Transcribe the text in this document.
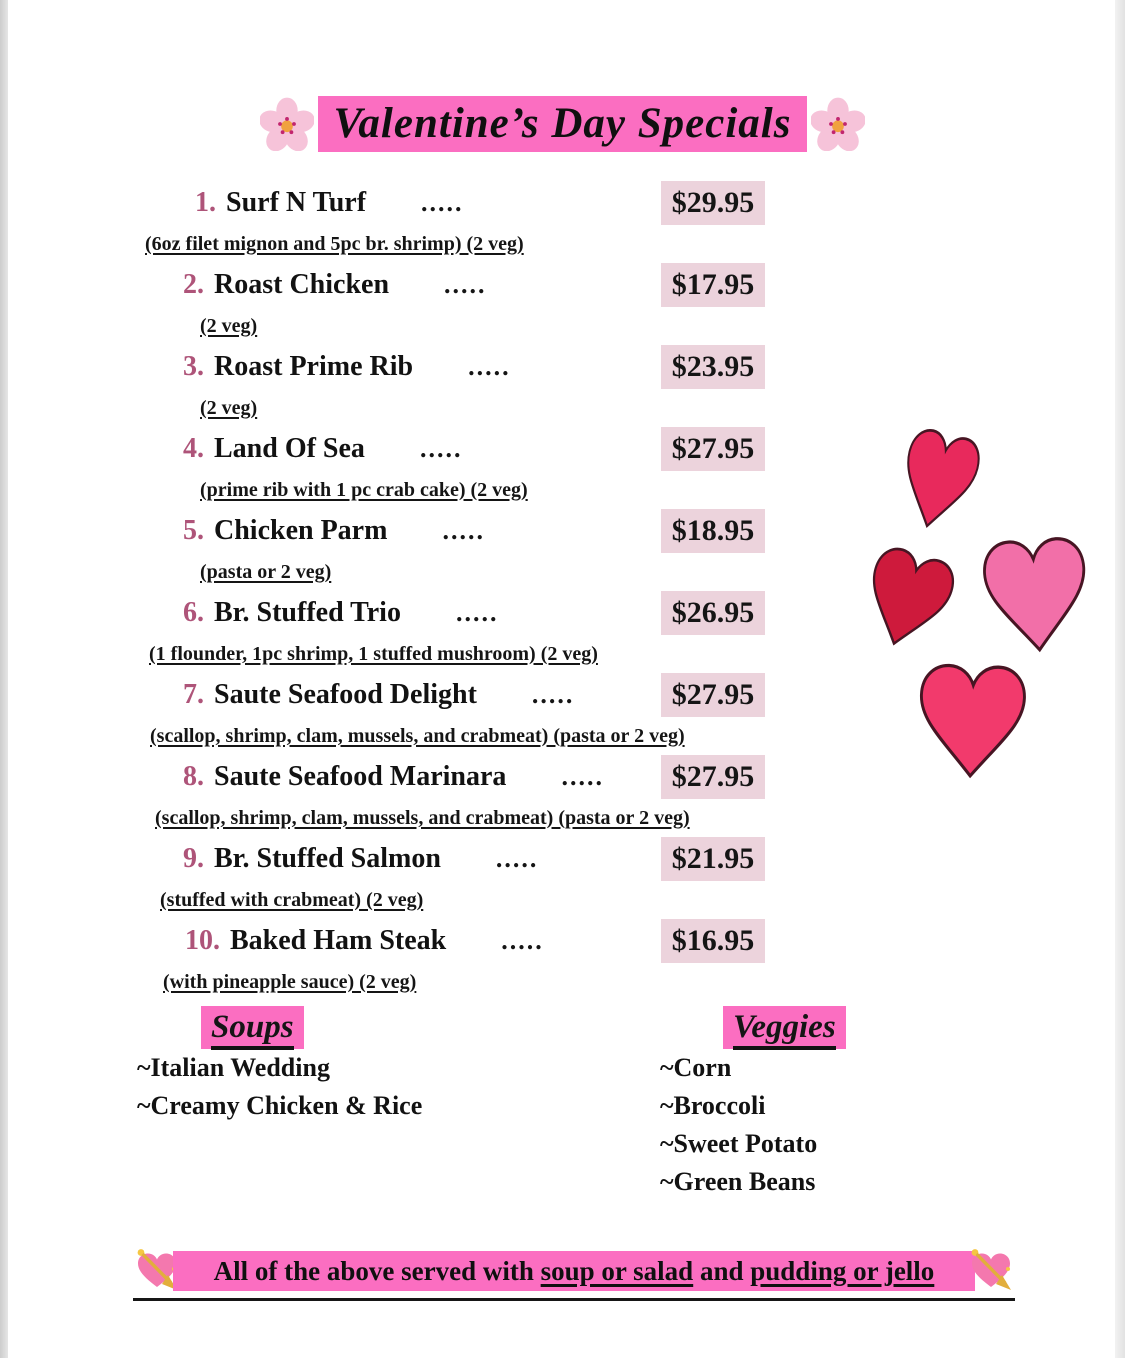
Valentine’s Day Specials
1. Surf N Turf .....	$29.95
(6oz filet mignon and 5pc br. shrimp) (2 veg)
2. Roast Chicken .....	$17.95
(2 veg)
3. Roast Prime Rib .....	$23.95
(2 veg)
4. Land Of Sea .....	$27.95
(prime rib with 1 pc crab cake) (2 veg)
5. Chicken Parm .....	$18.95
(pasta or 2 veg)
6. Br. Stuffed Trio .....	$26.95
(1 flounder, 1pc shrimp, 1 stuffed mushroom) (2 veg)
7. Saute Seafood Delight .....	$27.95
(scallop, shrimp, clam, mussels, and crabmeat) (pasta or 2 veg)
8. Saute Seafood Marinara .....	$27.95
(scallop, shrimp, clam, mussels, and crabmeat) (pasta or 2 veg)
9. Br. Stuffed Salmon .....	$21.95
(stuffed with crabmeat) (2 veg)
10. Baked Ham Steak .....	$16.95
(with pineapple sauce) (2 veg)
Soups
~Italian Wedding
~Creamy Chicken & Rice
Veggies
~Corn
~Broccoli
~Sweet Potato
~Green Beans
All of the above served with soup or salad and pudding or jello
